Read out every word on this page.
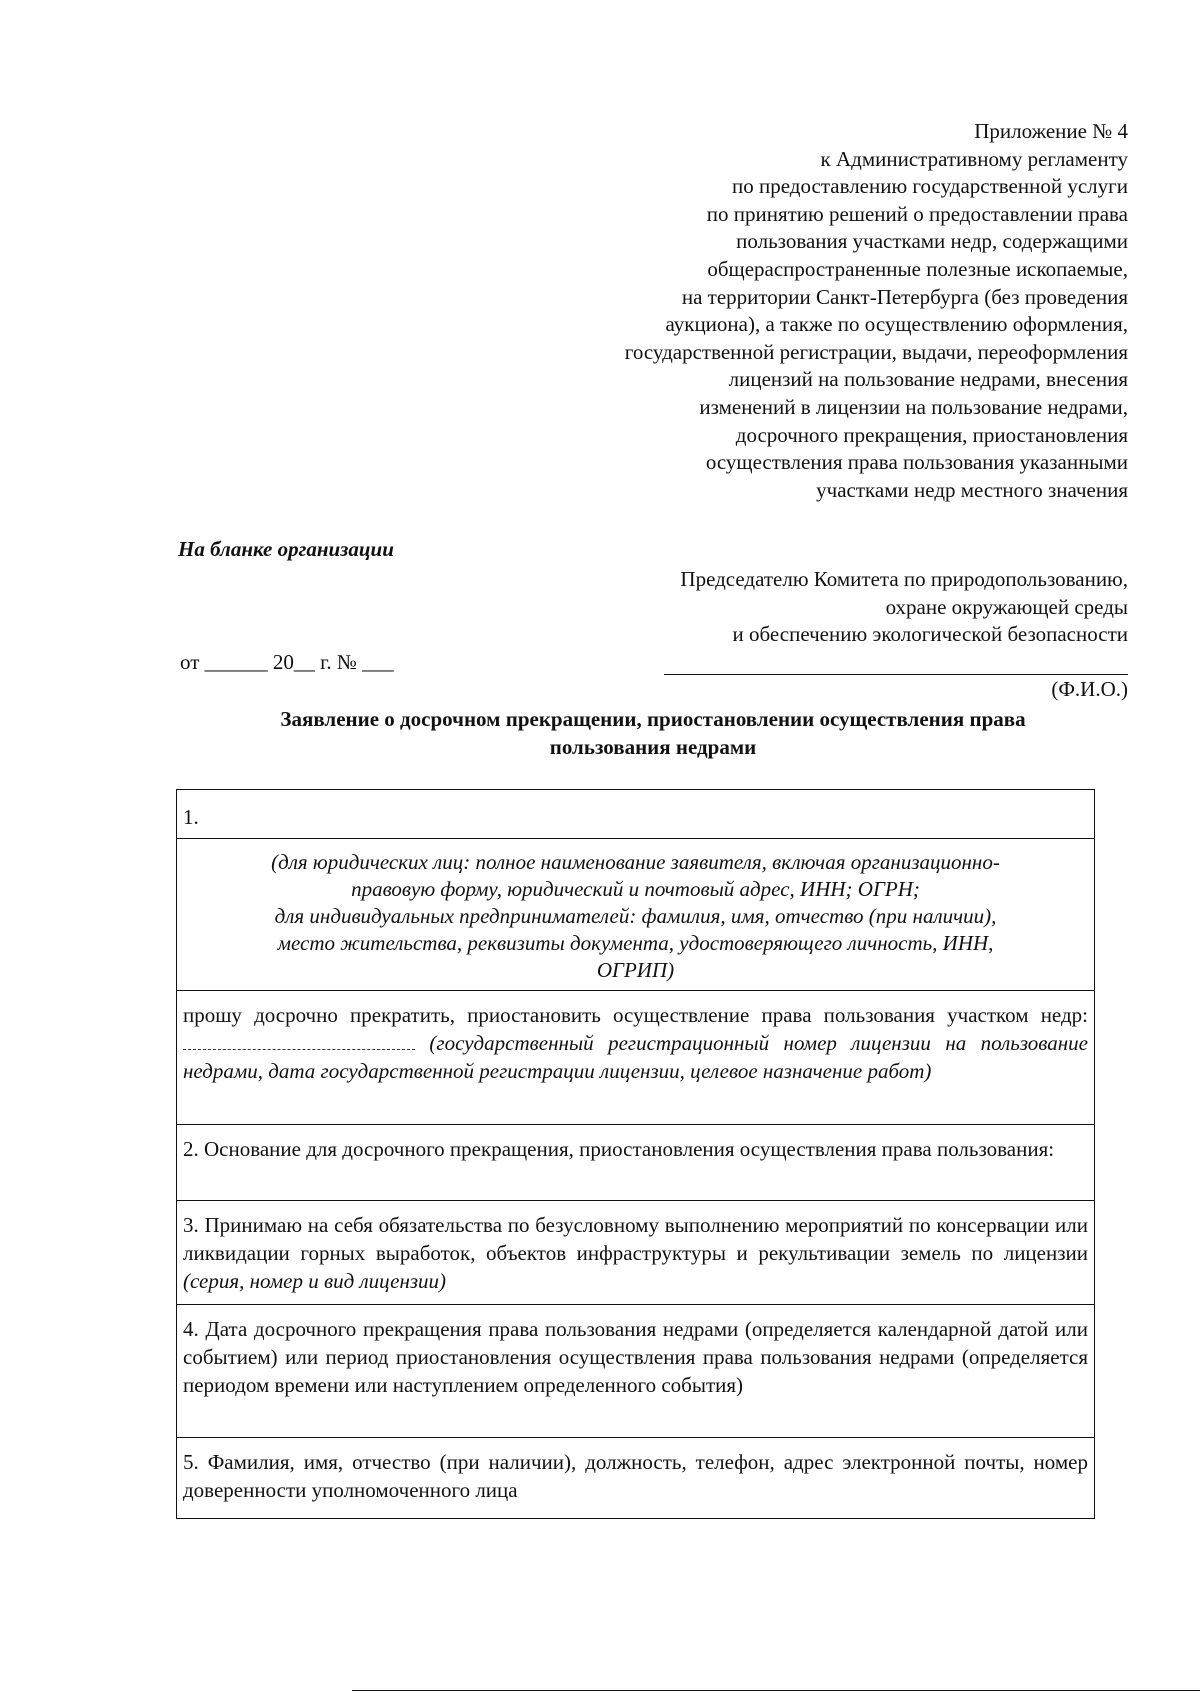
Приложение № 4
к Административному регламенту
по предоставлению государственной услуги
по принятию решений о предоставлении права
пользования участками недр, содержащими
общераспространенные полезные ископаемые,
на территории Санкт-Петербурга (без проведения
аукциона), а также по осуществлению оформления,
государственной регистрации, выдачи, переоформления
лицензий на пользование недрами, внесения
изменений в лицензии на пользование недрами,
досрочного прекращения, приостановления
осуществления права пользования указанными
участками недр местного значения
На бланке организации
Председателю Комитета по природопользованию,
охране окружающей среды
и обеспечению экологической безопасности
от ______ 20__ г. № ___
(Ф.И.О.)
Заявление о досрочном прекращении, приостановлении осуществления права
пользования недрами
1.
(для юридических лиц: полное наименование заявителя, включая организационно-
правовую форму, юридический и почтовый адрес, ИНН; ОГРН;
для индивидуальных предпринимателей: фамилия, имя, отчество (при наличии),
место жительства, реквизиты документа, удостоверяющего личность, ИНН,
ОГРИП)
прошу досрочно прекратить, приостановить осуществление права пользования участком недр:  (государственный регистрационный номер лицензии на пользование недрами, дата государственной регистрации лицензии, целевое назначение работ)
2. Основание для досрочного прекращения, приостановления осуществления права пользования:
3. Принимаю на себя обязательства по безусловному выполнению мероприятий по консервации или ликвидации горных выработок, объектов инфраструктуры и рекультивации земель по лицензии (серия, номер и вид лицензии)
4. Дата досрочного прекращения права пользования недрами (определяется календарной датой или событием) или период приостановления осуществления права пользования недрами (определяется периодом времени или наступлением определенного события)
5. Фамилия, имя, отчество (при наличии), должность, телефон, адрес электронной почты, номер доверенности уполномоченного лица
